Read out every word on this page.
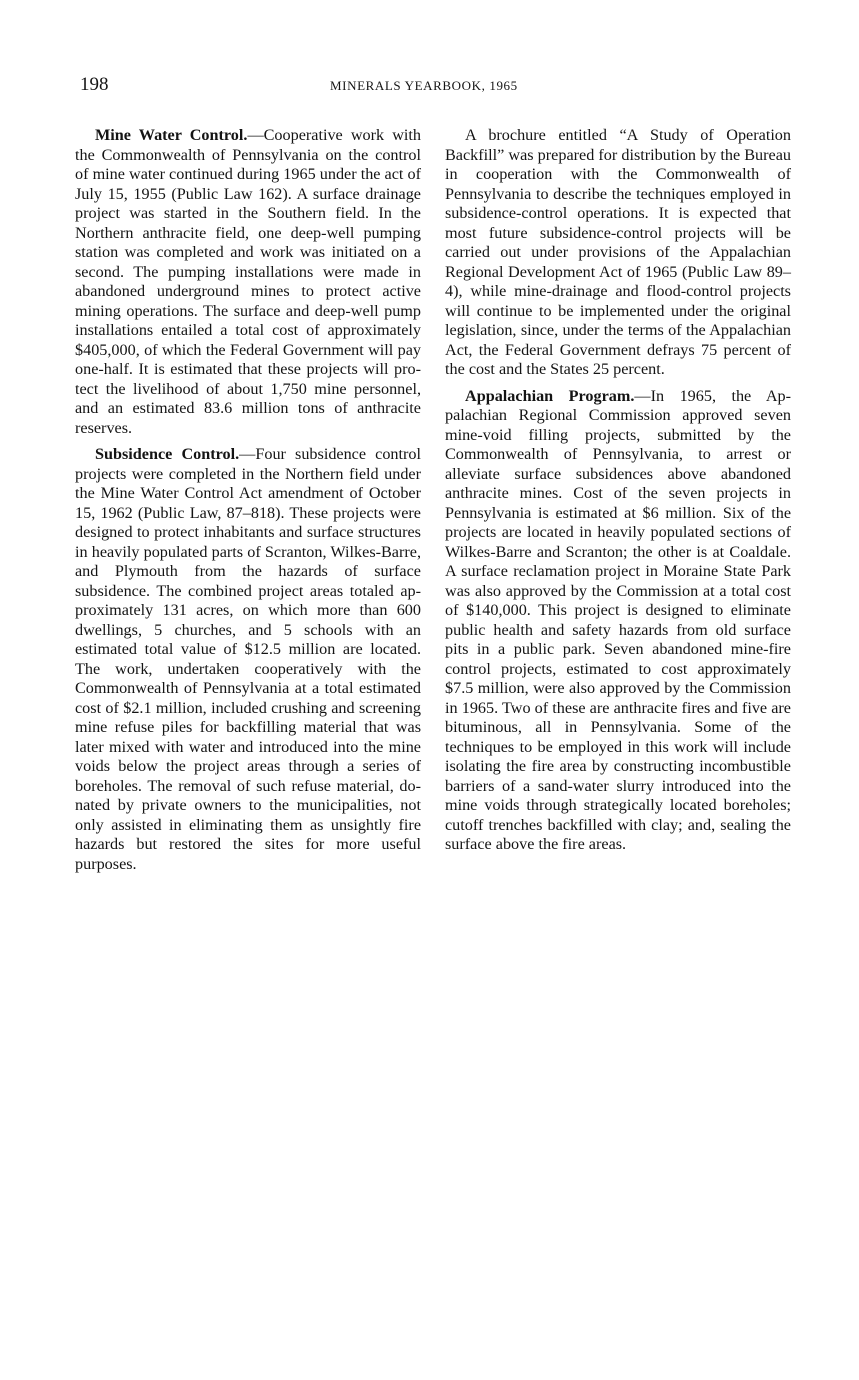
198	MINERALS YEARBOOK, 1965

Mine Water Control.—Cooperative work with the Commonwealth of Pennsylvania on the control of mine water continued during 1965 under the act of July 15, 1955 (Public Law 162). A surface drainage project was started in the Southern field. In the Northern anthracite field, one deep-well pumping station was completed and work was initiated on a second. The pumping installations were made in abandoned underground mines to protect active mining operations. The surface and deep-well pump installations entailed a total cost of approximately $405,000, of which the Federal Government will pay one-half. It is estimated that these projects will protect the livelihood of about 1,750 mine personnel, and an estimated 83.6 million tons of anthracite reserves.

Subsidence Control.—Four subsidence control projects were completed in the Northern field under the Mine Water Control Act amendment of October 15, 1962 (Public Law, 87–818). These projects were designed to protect inhabitants and surface structures in heavily populated parts of Scranton, Wilkes-Barre, and Plymouth from the hazards of surface subsidence. The combined project areas totaled approximately 131 acres, on which more than 600 dwellings, 5 churches, and 5 schools with an estimated total value of $12.5 million are located. The work, undertaken cooperatively with the Commonwealth of Pennsylvania at a total estimated cost of $2.1 million, included crushing and screening mine refuse piles for backfilling material that was later mixed with water and introduced into the mine voids below the project areas through a series of boreholes. The removal of such refuse material, donated by private owners to the municipalities, not only assisted in eliminating them as unsightly fire hazards but restored the sites for more useful purposes.

A brochure entitled “A Study of Operation Backfill” was prepared for distribution by the Bureau in cooperation with the Commonwealth of Pennsylvania to describe the techniques employed in subsidence-control operations. It is expected that most future subsidence-control projects will be carried out under provisions of the Appalachian Regional Development Act of 1965 (Public Law 89–4), while mine-drainage and flood-control projects will continue to be implemented under the original legislation, since, under the terms of the Appalachian Act, the Federal Government defrays 75 percent of the cost and the States 25 percent.

Appalachian Program.—In 1965, the Appalachian Regional Commission approved seven mine-void filling projects, submitted by the Commonwealth of Pennsylvania, to arrest or alleviate surface subsidences above abandoned anthracite mines. Cost of the seven projects in Pennsylvania is estimated at $6 million. Six of the projects are located in heavily populated sections of Wilkes-Barre and Scranton; the other is at Coaldale. A surface reclamation project in Moraine State Park was also approved by the Commission at a total cost of $140,000. This project is designed to eliminate public health and safety hazards from old surface pits in a public park. Seven abandoned mine-fire control projects, estimated to cost approximately $7.5 million, were also approved by the Commission in 1965. Two of these are anthracite fires and five are bituminous, all in Pennsylvania. Some of the techniques to be employed in this work will include isolating the fire area by constructing incombustible barriers of a sand-water slurry introduced into the mine voids through strategically located boreholes; cutoff trenches backfilled with clay; and, sealing the surface above the fire areas.
